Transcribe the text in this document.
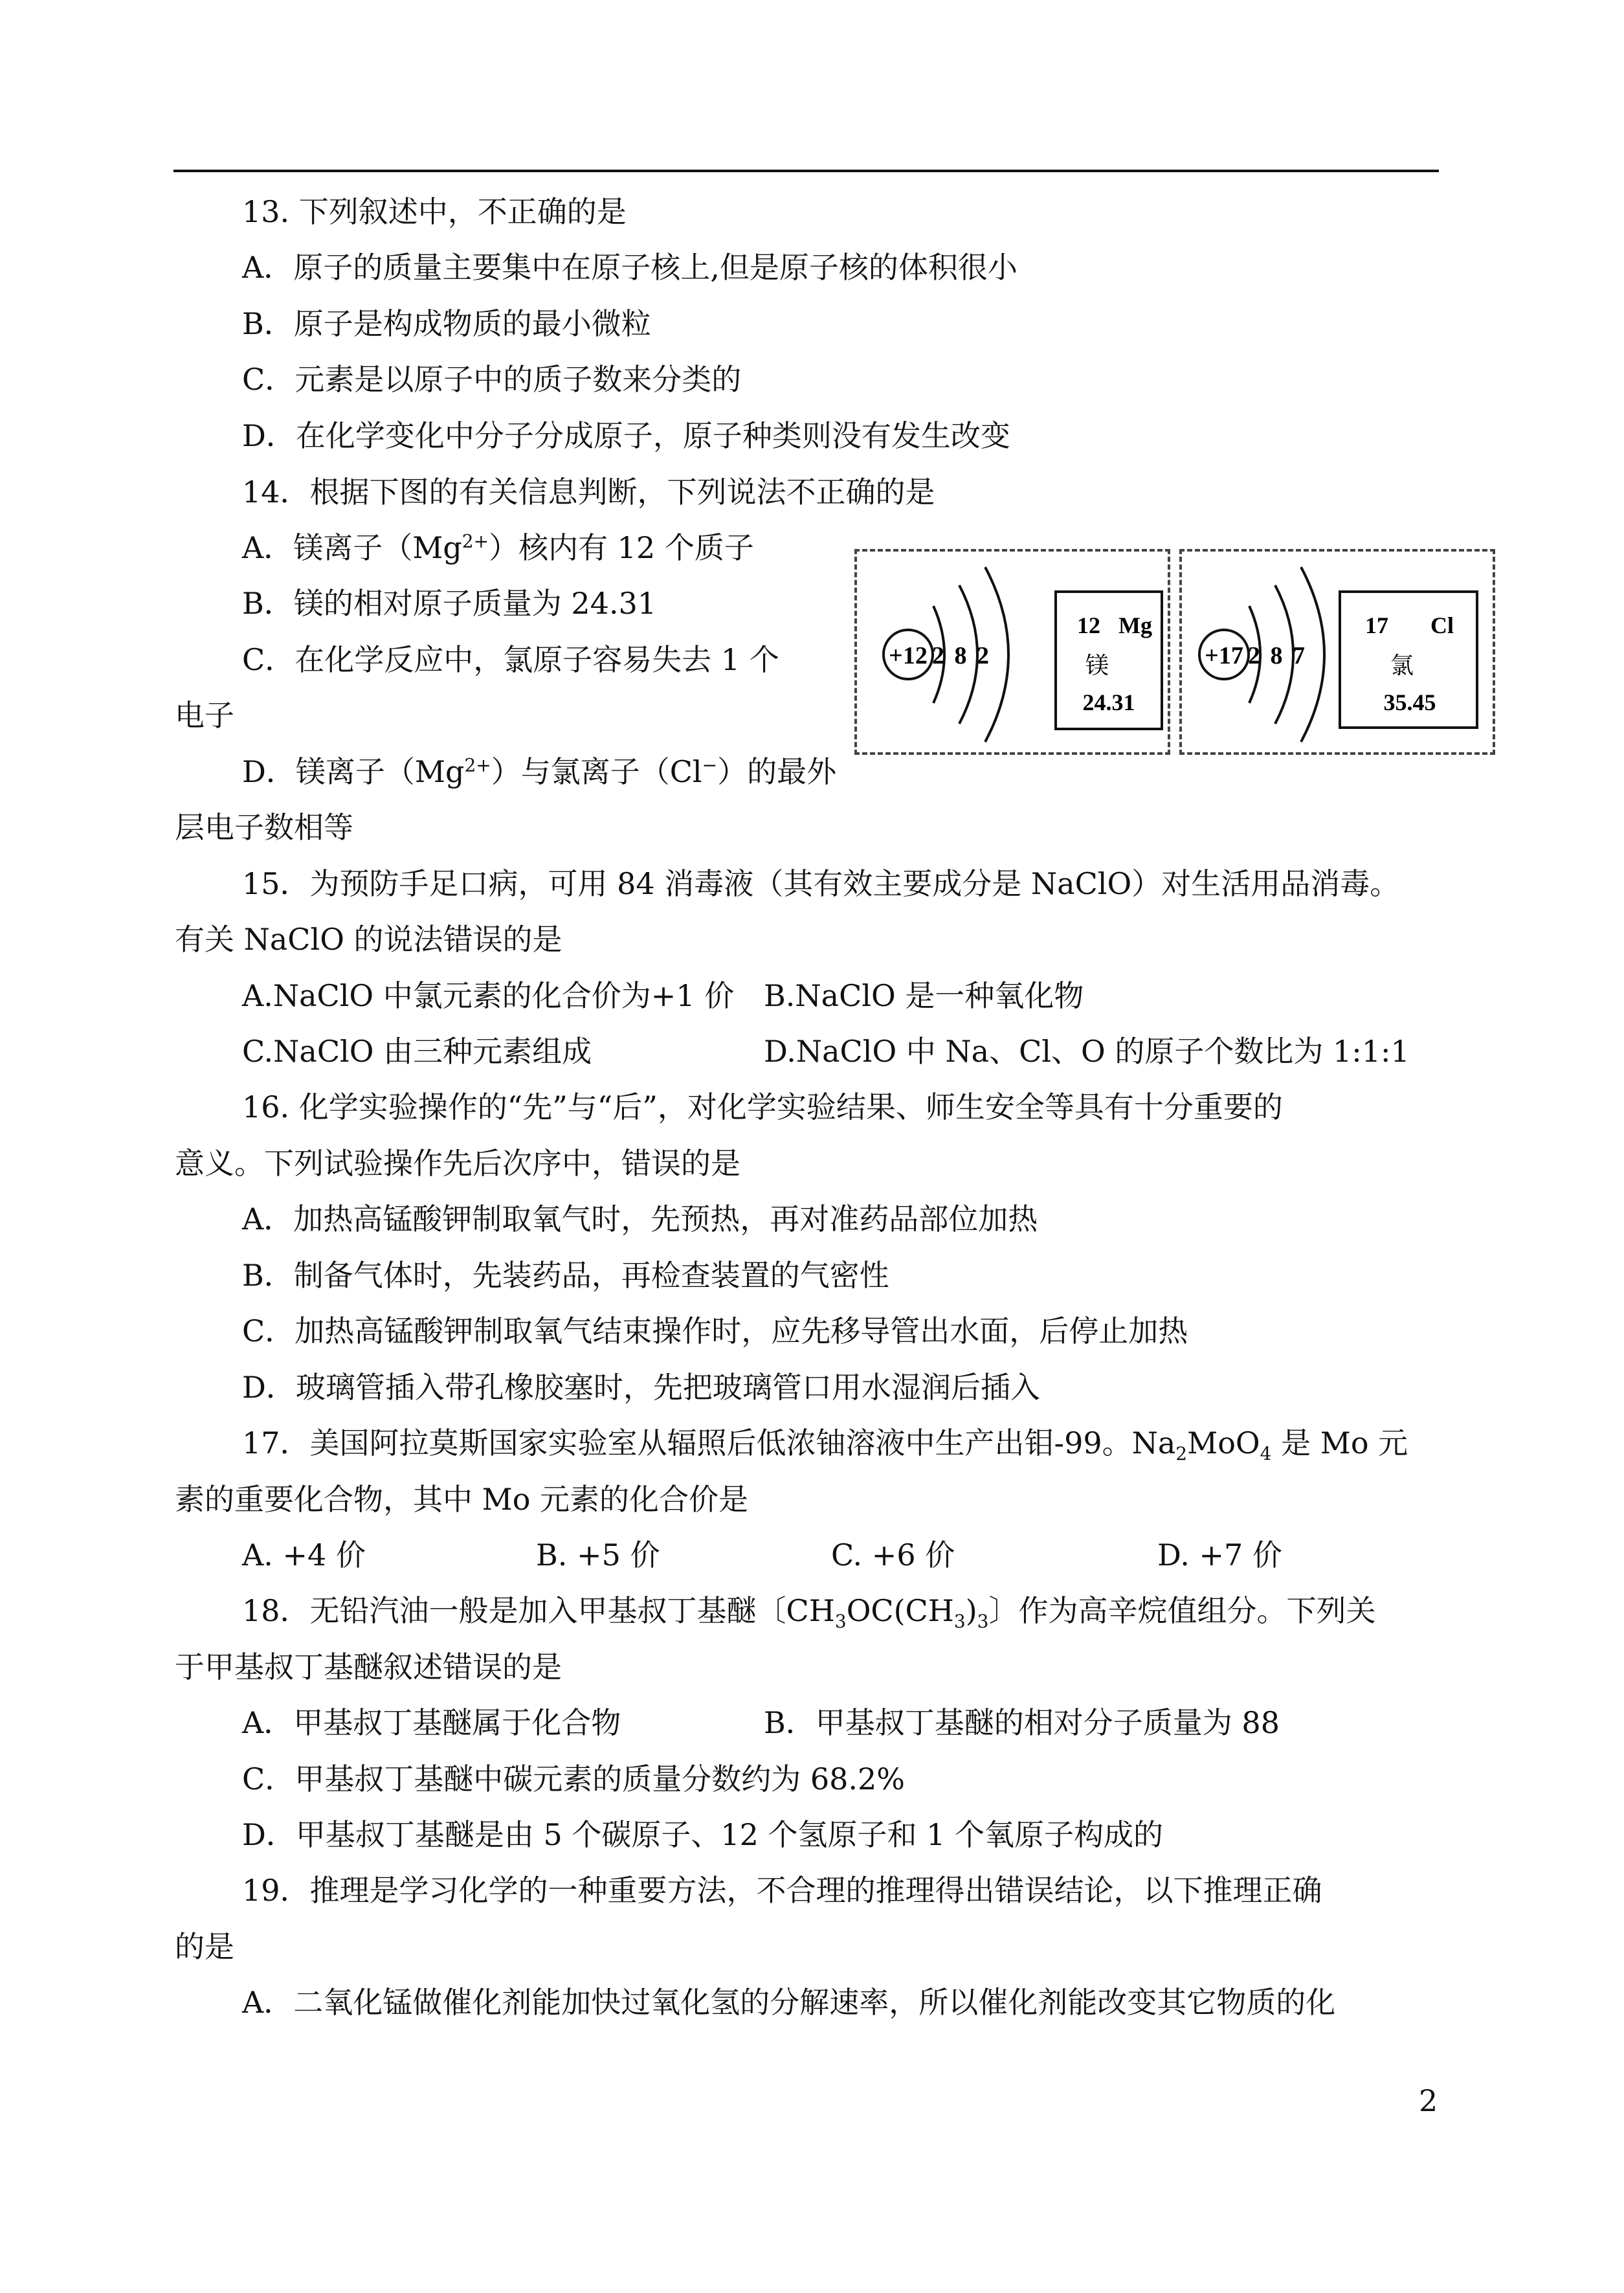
13. 下列叙述中，不正确的是
A．原子的质量主要集中在原子核上,但是原子核的体积很小
B．原子是构成物质的最小微粒
C．元素是以原子中的质子数来分类的
D．在化学变化中分子分成原子，原子种类则没有发生改变
14．根据下图的有关信息判断，下列说法不正确的是
A．镁离子$(Mg^{2+})$核内有 12 个质子
B．镁的相对原子质量为 24.31
C．在化学反应中，氯原子容易失去 1 个
电子
D．镁离子$(Mg^{2+})$与氯离子（Cl−）的最外
层电子数相等
+12 2 8 2
12 Mg
镁
24.31
+17 2 8 7
17 Cl
氯
35.45
15．为预防手足口病，可用 84 消毒液（其有效主要成分是 NaClO）对生活用品消毒。
有关 NaClO 的说法错误的是
A.NaClO 中氯元素的化合价为+1 价 B.NaClO 是一种氧化物
C.NaClO 由三种元素组成	D.NaClO 中 Na、Cl、O 的原子个数比为 1:1:1
16. 化学实验操作的“先”与“后”，对化学实验结果、师生安全等具有十分重要的
意义。下列试验操作先后次序中，错误的是
A．加热高锰酸钾制取氧气时，先预热，再对准药品部位加热
B．制备气体时，先装药品，再检查装置的气密性
C．加热高锰酸钾制取氧气结束操作时，应先移导管出水面，后停止加热
D．玻璃管插入带孔橡胶塞时，先把玻璃管口用水湿润后插入
17．美国阿拉莫斯国家实验室从辐照后低浓铀溶液中生产出钼-99。$Na_2MoO_4$ 是 Mo 元
素的重要化合物，其中 Mo 元素的化合价是
A. +4 价	B. +5 价	C. +6 价	D. +7 价
18．无铅汽油一般是加入甲基叔丁基醚〔$CH_3OC(CH_3)_3$〕作为高辛烷值组分。下列关
于甲基叔丁基醚叙述错误的是
A．甲基叔丁基醚属于化合物	B．甲基叔丁基醚的相对分子质量为 88
C．甲基叔丁基醚中碳元素的质量分数约为 68.2%
D．甲基叔丁基醚是由 5 个碳原子、12 个氢原子和 1 个氧原子构成的
19．推理是学习化学的一种重要方法，不合理的推理得出错误结论，以下推理正确
的是
A．二氧化锰做催化剂能加快过氧化氢的分解速率，所以催化剂能改变其它物质的化
2
